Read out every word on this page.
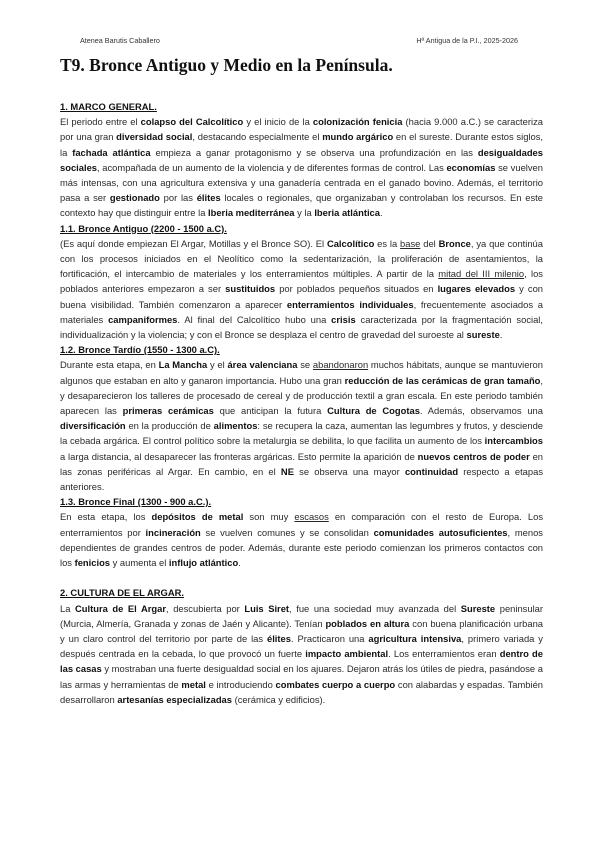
Atenea Barutis Caballero	Hª Antigua de la P.I., 2025-2026
T9. Bronce Antiguo y Medio en la Península.
1. MARCO GENERAL.

El periodo entre el colapso del Calcolítico y el inicio de la colonización fenicia (hacia 9.000 a.C.) se caracteriza por una gran diversidad social, destacando especialmente el mundo argárico en el sureste. Durante estos siglos, la fachada atlántica empieza a ganar protagonismo y se observa una profundización en las desigualdades sociales, acompañada de un aumento de la violencia y de diferentes formas de control. Las economías se vuelven más intensas, con una agricultura extensiva y una ganadería centrada en el ganado bovino. Además, el territorio pasa a ser gestionado por las élites locales o regionales, que organizaban y controlaban los recursos. En este contexto hay que distinguir entre la Iberia mediterránea y la Iberia atlántica.

1.1. Bronce Antiguo (2200 - 1500 a.C).

(Es aquí donde empiezan El Argar, Motillas y el Bronce SO). El Calcolítico es la base del Bronce, ya que continúa con los procesos iniciados en el Neolítico como la sedentarización, la proliferación de asentamientos, la fortificación, el intercambio de materiales y los enterramientos múltiples. A partir de la mitad del III milenio, los poblados anteriores empezaron a ser sustituidos por poblados pequeños situados en lugares elevados y con buena visibilidad. También comenzaron a aparecer enterramientos individuales, frecuentemente asociados a materiales campaniformes. Al final del Calcolítico hubo una crisis caracterizada por la fragmentación social, individualización y la violencia; y con el Bronce se desplaza el centro de gravedad del suroeste al sureste.

1.2. Bronce Tardío (1550 - 1300 a.C).

Durante esta etapa, en La Mancha y el área valenciana se abandonaron muchos hábitats, aunque se mantuvieron algunos que estaban en alto y ganaron importancia. Hubo una gran reducción de las cerámicas de gran tamaño, y desaparecieron los talleres de procesado de cereal y de producción textil a gran escala. En este periodo también aparecen las primeras cerámicas que anticipan la futura Cultura de Cogotas. Además, observamos una diversificación en la producción de alimentos: se recupera la caza, aumentan las legumbres y frutos, y desciende la cebada argárica. El control político sobre la metalurgia se debilita, lo que facilita un aumento de los intercambios a larga distancia, al desaparecer las fronteras argáricas. Esto permite la aparición de nuevos centros de poder en las zonas periféricas al Argar. En cambio, en el NE se observa una mayor continuidad respecto a etapas anteriores.

1.3. Bronce Final (1300 - 900 a.C.).

En esta etapa, los depósitos de metal son muy escasos en comparación con el resto de Europa. Los enterramientos por incineración se vuelven comunes y se consolidan comunidades autosuficientes, menos dependientes de grandes centros de poder. Además, durante este periodo comienzan los primeros contactos con los fenicios y aumenta el influjo atlántico.

2. CULTURA DE EL ARGAR.

La Cultura de El Argar, descubierta por Luis Siret, fue una sociedad muy avanzada del Sureste peninsular (Murcia, Almería, Granada y zonas de Jaén y Alicante). Tenían poblados en altura con buena planificación urbana y un claro control del territorio por parte de las élites. Practicaron una agricultura intensiva, primero variada y después centrada en la cebada, lo que provocó un fuerte impacto ambiental. Los enterramientos eran dentro de las casas y mostraban una fuerte desigualdad social en los ajuares. Dejaron atrás los útiles de piedra, pasándose a las armas y herramientas de metal e introduciendo combates cuerpo a cuerpo con alabardas y espadas. También desarrollaron artesanías especializadas (cerámica y edificios).
